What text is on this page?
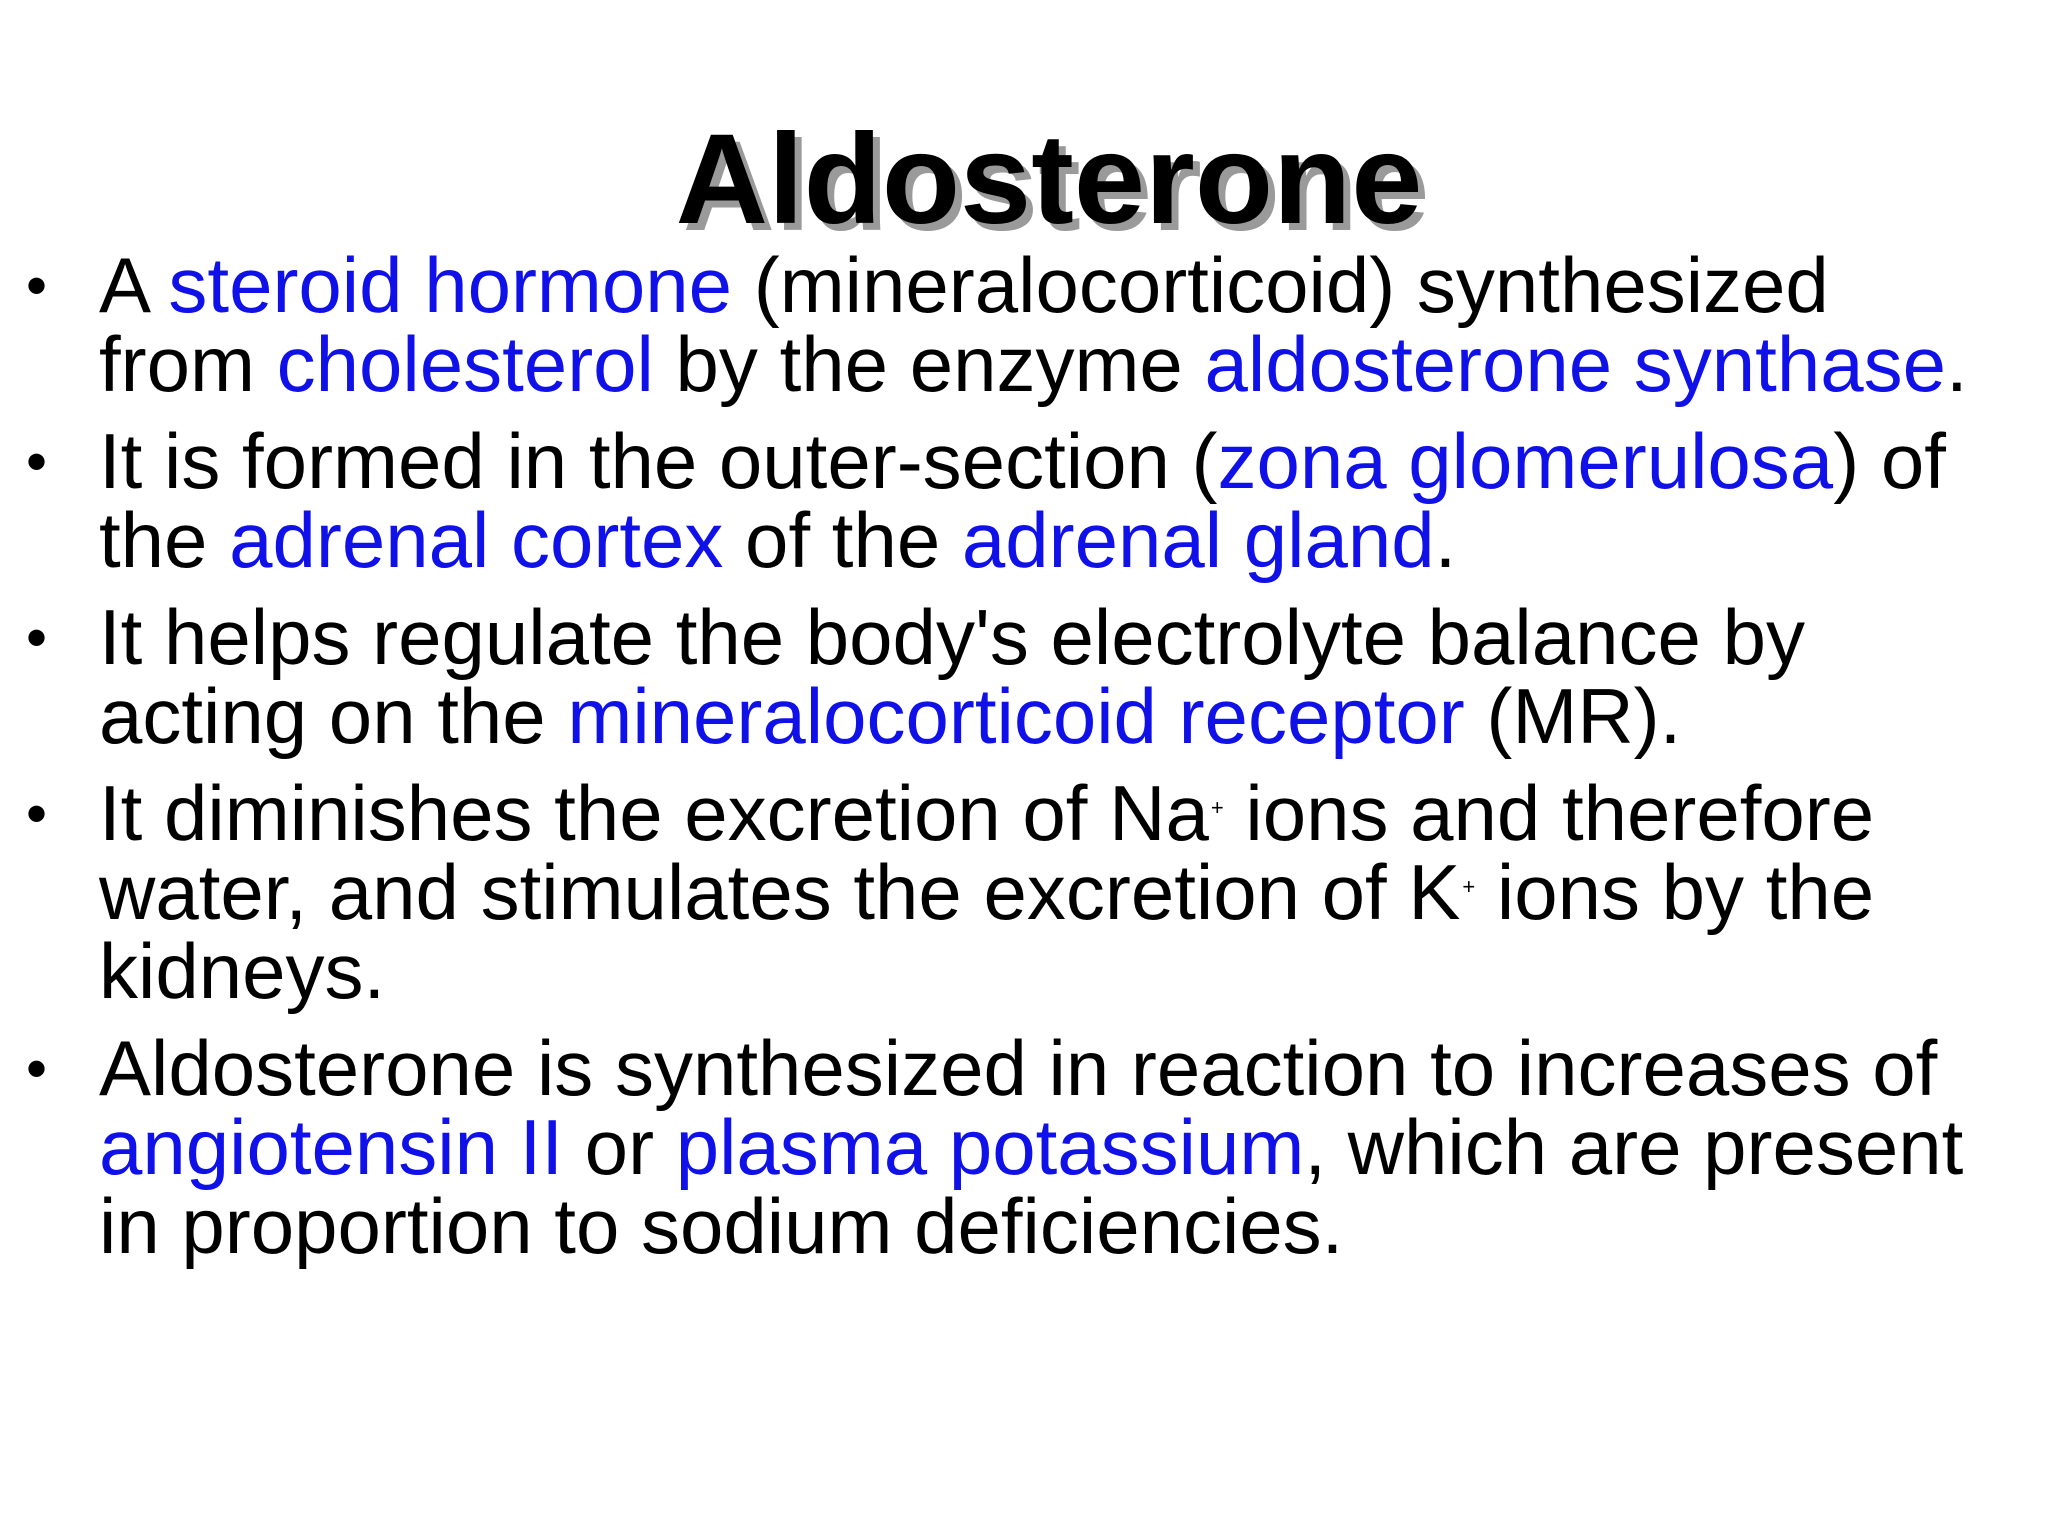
Aldosterone
• A steroid hormone (mineralocorticoid) synthesized
from cholesterol by the enzyme aldosterone synthase.
• It is formed in the outer-section (zona glomerulosa) of
the adrenal cortex of the adrenal gland.
• It helps regulate the body's electrolyte balance by
acting on the mineralocorticoid receptor (MR).
• It diminishes the excretion of Na+ ions and therefore
water, and stimulates the excretion of K+ ions by the
kidneys.
• Aldosterone is synthesized in reaction to increases of
angiotensin II or plasma potassium, which are present
in proportion to sodium deficiencies.
